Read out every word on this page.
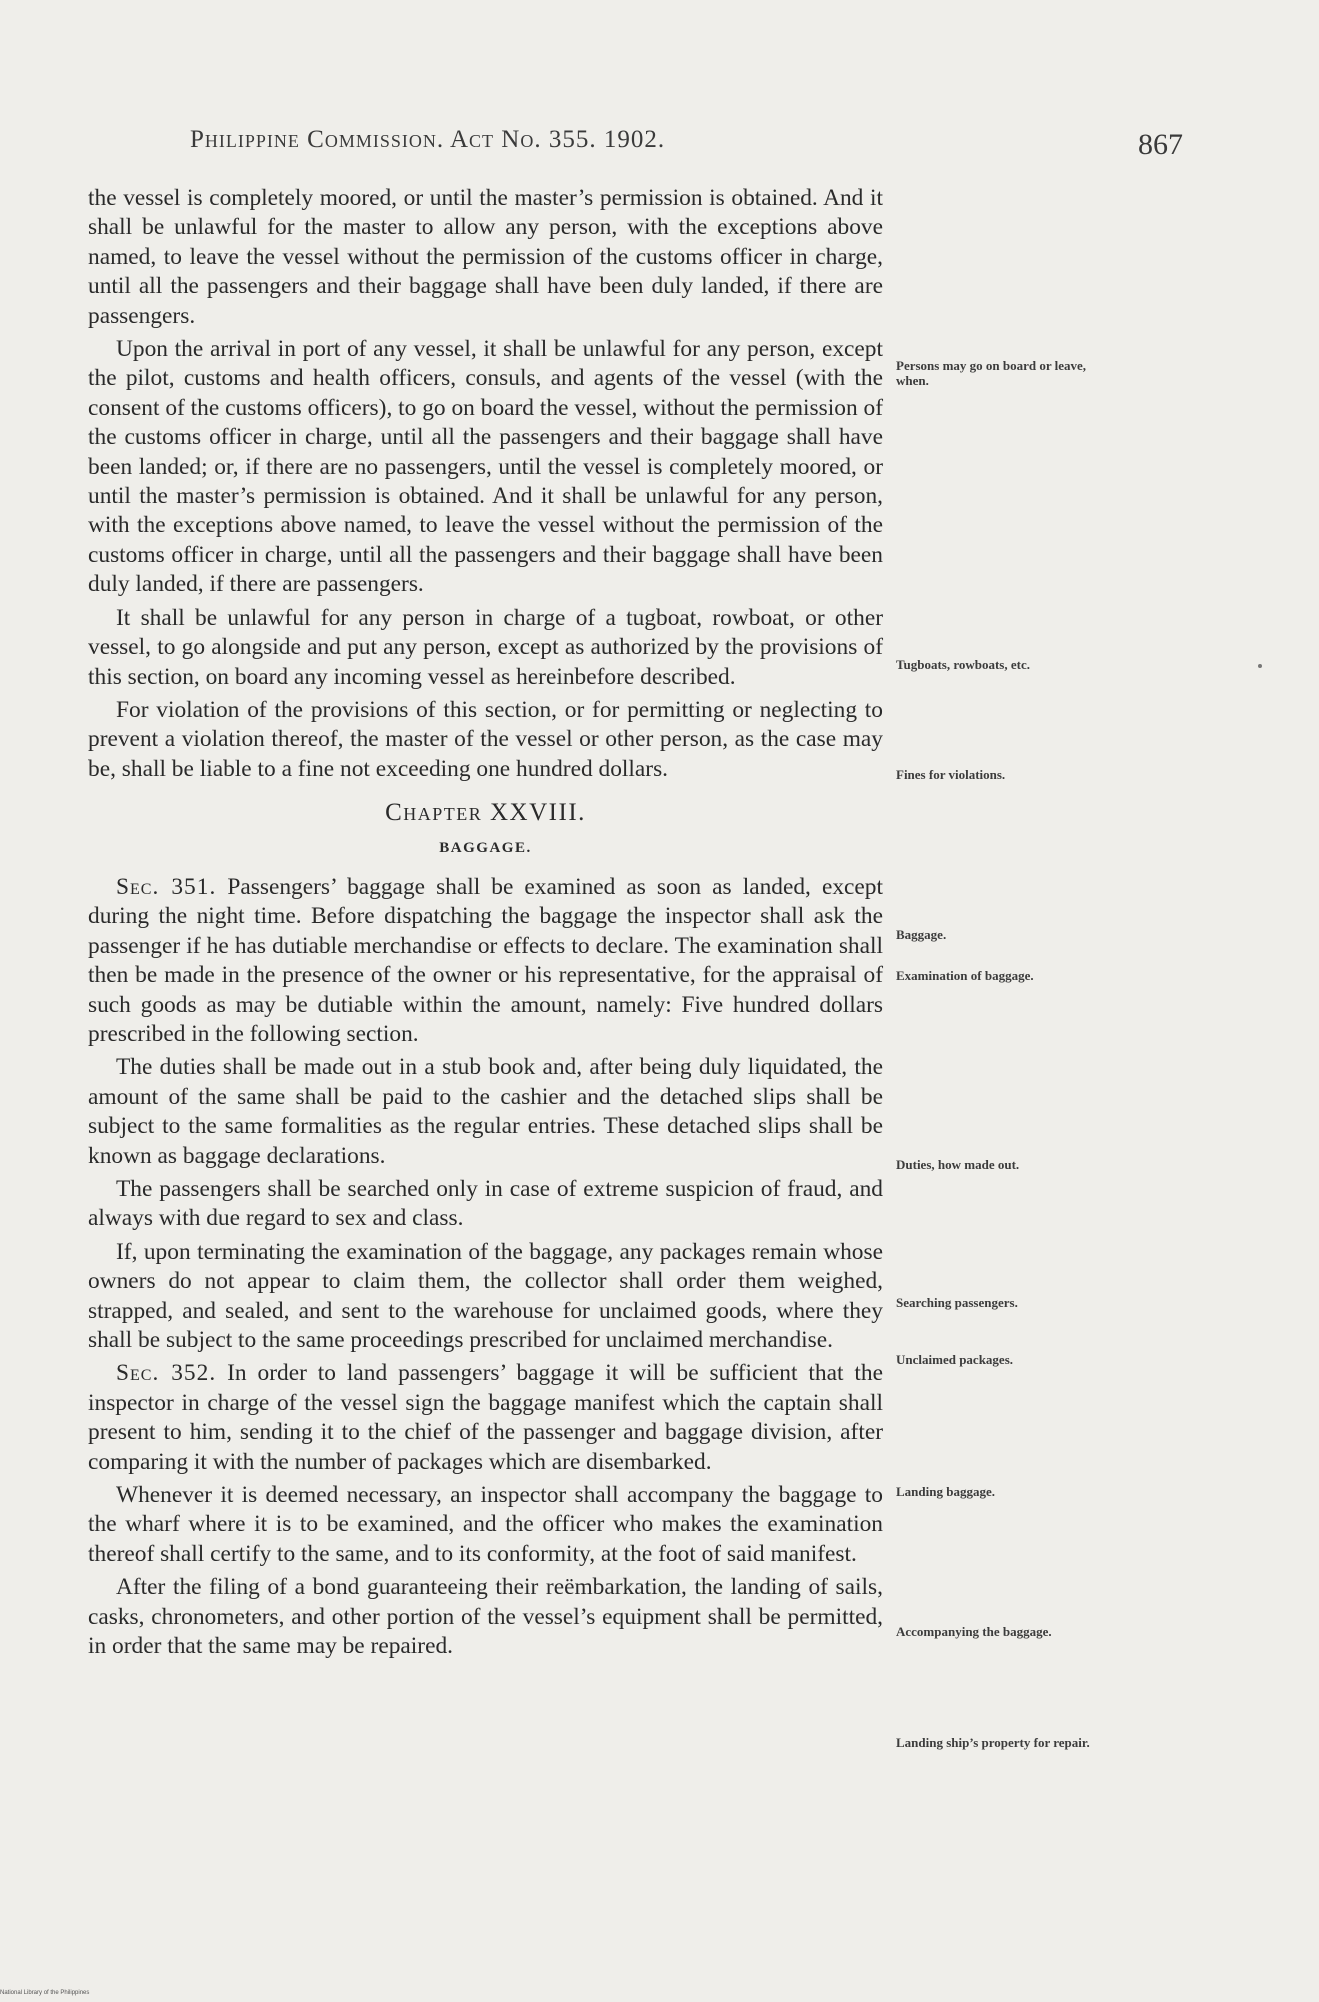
Philippine Commission. Act No. 355. 1902.	867

the vessel is completely moored, or until the master’s permission is obtained. And it shall be unlawful for the master to allow any person, with the exceptions above named, to leave the vessel without the permission of the customs officer in charge, until all the passengers and their baggage shall have been duly landed, if there are passengers.

Upon the arrival in port of any vessel, it shall be unlawful for any person, except the pilot, customs and health officers, consuls, and agents of the vessel (with the consent of the customs officers), to go on board the vessel, without the permission of the customs officer in charge, until all the passengers and their baggage shall have been landed; or, if there are no passengers, until the vessel is completely moored, or until the master’s permission is obtained. And it shall be unlawful for any person, with the exceptions above named, to leave the vessel without the permission of the customs officer in charge, until all the passengers and their baggage shall have been duly landed, if there are passengers.

It shall be unlawful for any person in charge of a tugboat, rowboat, or other vessel, to go alongside and put any person, except as authorized by the provisions of this section, on board any incoming vessel as hereinbefore described.

For violation of the provisions of this section, or for permitting or neglecting to prevent a violation thereof, the master of the vessel or other person, as the case may be, shall be liable to a fine not exceeding one hundred dollars.

Chapter XXVIII.
BAGGAGE.

Sec. 351. Passengers’ baggage shall be examined as soon as landed, except during the night time. Before dispatching the baggage the inspector shall ask the passenger if he has dutiable merchandise or effects to declare. The examination shall then be made in the presence of the owner or his representative, for the appraisal of such goods as may be dutiable within the amount, namely: Five hundred dollars prescribed in the following section.

The duties shall be made out in a stub book and, after being duly liquidated, the amount of the same shall be paid to the cashier and the detached slips shall be subject to the same formalities as the regular entries. These detached slips shall be known as baggage declarations.

The passengers shall be searched only in case of extreme suspicion of fraud, and always with due regard to sex and class.

If, upon terminating the examination of the baggage, any packages remain whose owners do not appear to claim them, the collector shall order them weighed, strapped, and sealed, and sent to the warehouse for unclaimed goods, where they shall be subject to the same proceedings prescribed for unclaimed merchandise.

Sec. 352. In order to land passengers’ baggage it will be sufficient that the inspector in charge of the vessel sign the baggage manifest which the captain shall present to him, sending it to the chief of the passenger and baggage division, after comparing it with the number of packages which are disembarked.

Whenever it is deemed necessary, an inspector shall accompany the baggage to the wharf where it is to be examined, and the officer who makes the examination thereof shall certify to the same, and to its conformity, at the foot of said manifest.

After the filing of a bond guaranteeing their reëmbarkation, the landing of sails, casks, chronometers, and other portion of the vessel’s equipment shall be permitted, in order that the same may be repaired.

Persons may go on board or leave, when.
Tugboats, rowboats, etc.
Fines for violations.
Baggage.
Examination of baggage.
Duties, how made out.
Searching passengers.
Unclaimed packages.
Landing baggage.
Accompanying the baggage.
Landing ship’s property for repair.
National Library of the Philippines
